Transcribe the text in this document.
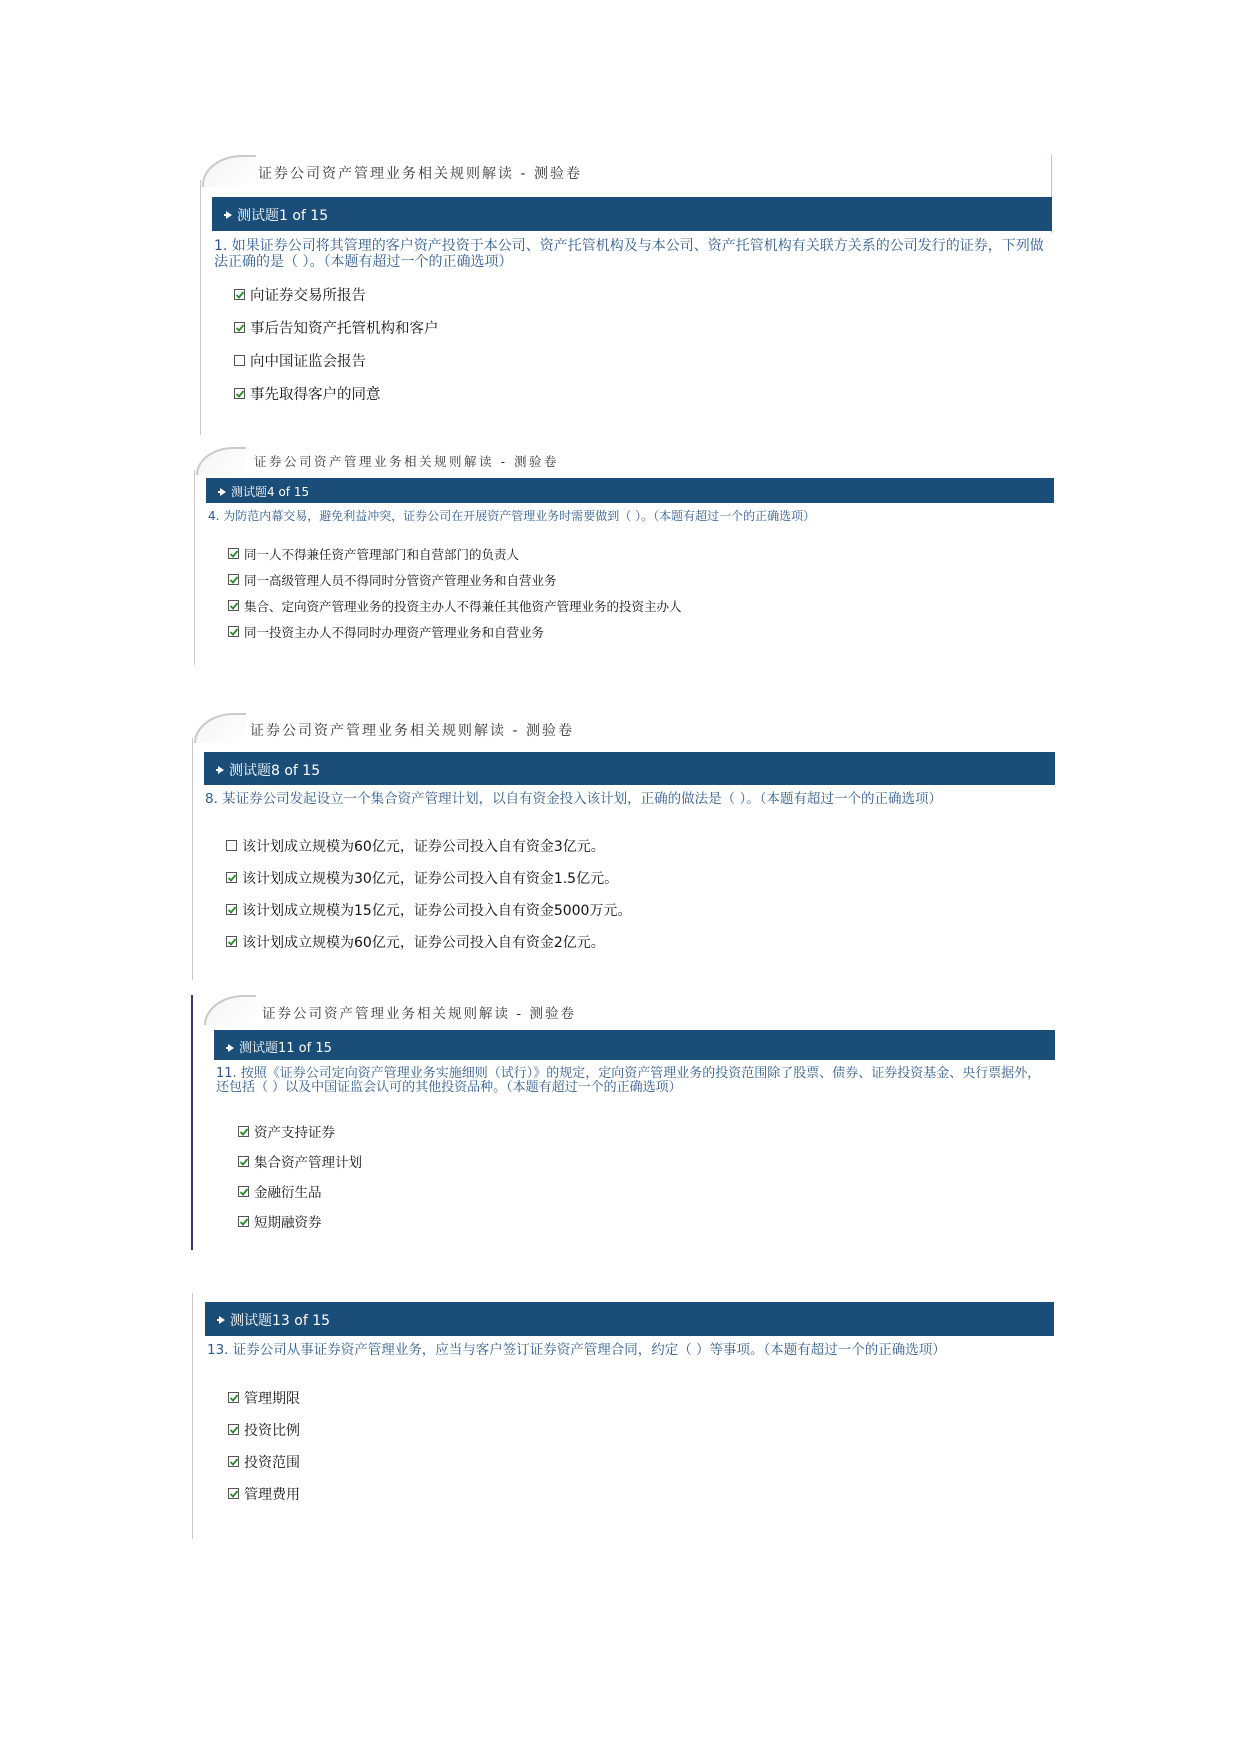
证券公司资产管理业务相关规则解读 - 测验卷
测试题1 of 15
1. 如果证券公司将其管理的客户资产投资于本公司、资产托管机构及与本公司、资产托管机构有关联方关系的公司发行的证券，下列做法正确的是（ ）。（本题有超过一个的正确选项）
向证券交易所报告
事后告知资产托管机构和客户
向中国证监会报告
事先取得客户的同意
证券公司资产管理业务相关规则解读 - 测验卷
测试题4 of 15
4. 为防范内幕交易，避免利益冲突，证券公司在开展资产管理业务时需要做到（ ）。（本题有超过一个的正确选项）
同一人不得兼任资产管理部门和自营部门的负责人
同一高级管理人员不得同时分管资产管理业务和自营业务
集合、定向资产管理业务的投资主办人不得兼任其他资产管理业务的投资主办人
同一投资主办人不得同时办理资产管理业务和自营业务
证券公司资产管理业务相关规则解读 - 测验卷
测试题8 of 15
8. 某证券公司发起设立一个集合资产管理计划，以自有资金投入该计划，正确的做法是（ ）。（本题有超过一个的正确选项）
该计划成立规模为60亿元，证券公司投入自有资金3亿元。
该计划成立规模为30亿元，证券公司投入自有资金1.5亿元。
该计划成立规模为15亿元，证券公司投入自有资金5000万元。
该计划成立规模为60亿元，证券公司投入自有资金2亿元。
证券公司资产管理业务相关规则解读 - 测验卷
测试题11 of 15
11. 按照《证券公司定向资产管理业务实施细则（试行）》的规定，定向资产管理业务的投资范围除了股票、债券、证券投资基金、央行票据外，还包括（ ）以及中国证监会认可的其他投资品种。（本题有超过一个的正确选项）
资产支持证券
集合资产管理计划
金融衍生品
短期融资券
测试题13 of 15
13. 证券公司从事证券资产管理业务，应当与客户签订证券资产管理合同，约定（ ）等事项。（本题有超过一个的正确选项）
管理期限
投资比例
投资范围
管理费用
